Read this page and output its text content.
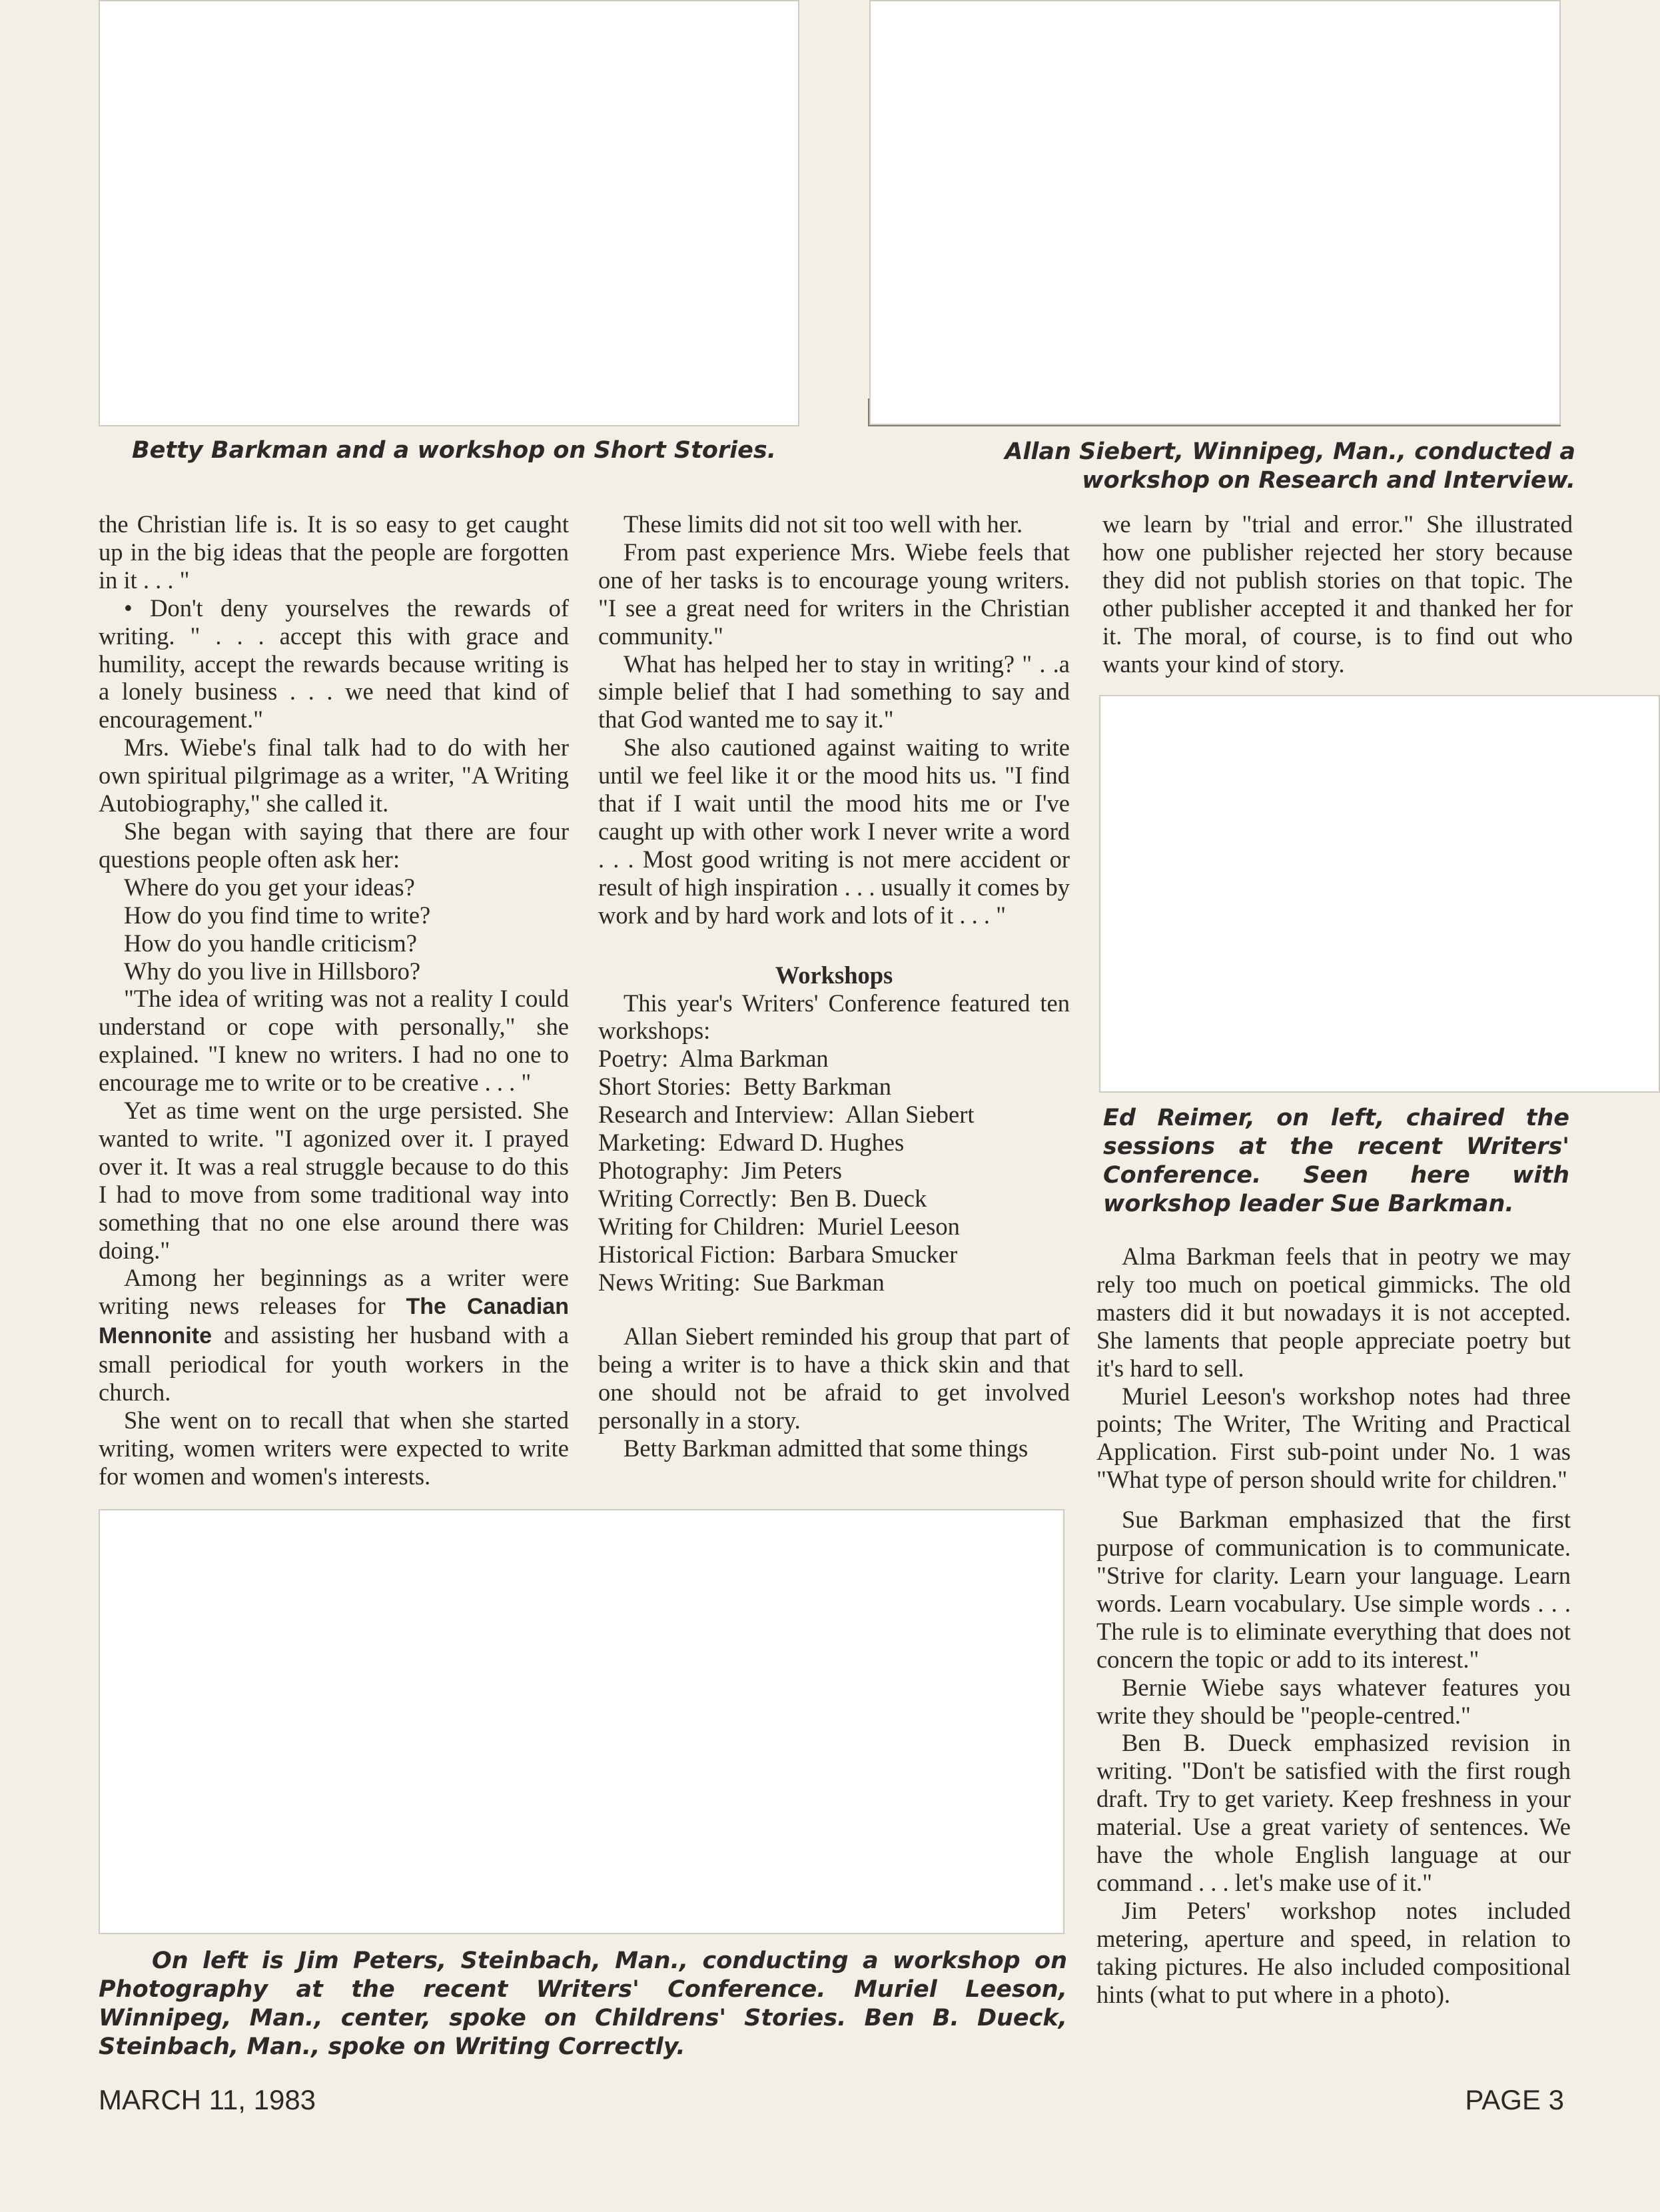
Betty Barkman and a workshop on Short Stories.	Allan Siebert, Winnipeg, Man., conducted a workshop on Research and Interview.
Ed Reimer, on left, chaired the sessions at the recent Writers' Conference. Seen here with workshop leader Sue Barkman.
On left is Jim Peters, Steinbach, Man., conducting a workshop on Photography at the recent Writers' Conference. Muriel Leeson, Winnipeg, Man., center, spoke on Childrens' Stories. Ben B. Dueck, Steinbach, Man., spoke on Writing Correctly.

the Christian life is. It is so easy to get caught up in the big ideas that the people are forgotten in it . . . "

• Don't deny yourselves the rewards of writing. " . . . accept this with grace and humility, accept the rewards because writing is a lonely business . . . we need that kind of encouragement."

Mrs. Wiebe's final talk had to do with her own spiritual pilgrimage as a writer, "A Writing Autobiography," she called it.

She began with saying that there are four questions people often ask her:

Where do you get your ideas?

How do you find time to write?

How do you handle criticism?

Why do you live in Hillsboro?

"The idea of writing was not a reality I could understand or cope with personally," she explained. "I knew no writers. I had no one to encourage me to write or to be creative . . . "

Yet as time went on the urge persisted. She wanted to write. "I agonized over it. I prayed over it. It was a real struggle because to do this I had to move from some traditional way into something that no one else around there was doing."

Among her beginnings as a writer were writing news releases for The Canadian Mennonite and assisting her husband with a small periodical for youth workers in the church.

She went on to recall that when she started writing, women writers were expected to write for women and women's interests.

These limits did not sit too well with her.

From past experience Mrs. Wiebe feels that one of her tasks is to encourage young writers. "I see a great need for writers in the Christian community."

What has helped her to stay in writing? " . .a simple belief that I had something to say and that God wanted me to say it."

She also cautioned against waiting to write until we feel like it or the mood hits us. "I find that if I wait until the mood hits me or I've caught up with other work I never write a word . . . Most good writing is not mere accident or result of high inspiration . . . usually it comes by work and by hard work and lots of it . . . "

Workshops

This year's Writers' Conference featured ten workshops:

Poetry:  Alma Barkman

Short Stories:  Betty Barkman

Research and Interview:  Allan Siebert

Marketing:  Edward D. Hughes

Photography:  Jim Peters

Writing Correctly:  Ben B. Dueck

Writing for Children:  Muriel Leeson

Historical Fiction:  Barbara Smucker

News Writing:  Sue Barkman

Allan Siebert reminded his group that part of being a writer is to have a thick skin and that one should not be afraid to get involved personally in a story.

Betty Barkman admitted that some things

we learn by "trial and error." She illustrated how one publisher rejected her story because they did not publish stories on that topic. The other publisher accepted it and thanked her for it. The moral, of course, is to find out who wants your kind of story.

Alma Barkman feels that in peotry we may rely too much on poetical gimmicks. The old masters did it but nowadays it is not accepted. She laments that people appreciate poetry but it's hard to sell.

Muriel Leeson's workshop notes had three points; The Writer, The Writing and Practical Application. First sub-point under No. 1 was "What type of person should write for children."

Sue Barkman emphasized that the first purpose of communication is to communicate. "Strive for clarity. Learn your language. Learn words. Learn vocabulary. Use simple words . . . The rule is to eliminate everything that does not concern the topic or add to its interest."

Bernie Wiebe says whatever features you write they should be "people-centred."

Ben B. Dueck emphasized revision in writing. "Don't be satisfied with the first rough draft. Try to get variety. Keep freshness in your material. Use a great variety of sentences. We have the whole English language at our command . . . let's make use of it."

Jim Peters' workshop notes included metering, aperture and speed, in relation to taking pictures. He also included compositional hints (what to put where in a photo).

MARCH 11, 1983	PAGE 3
